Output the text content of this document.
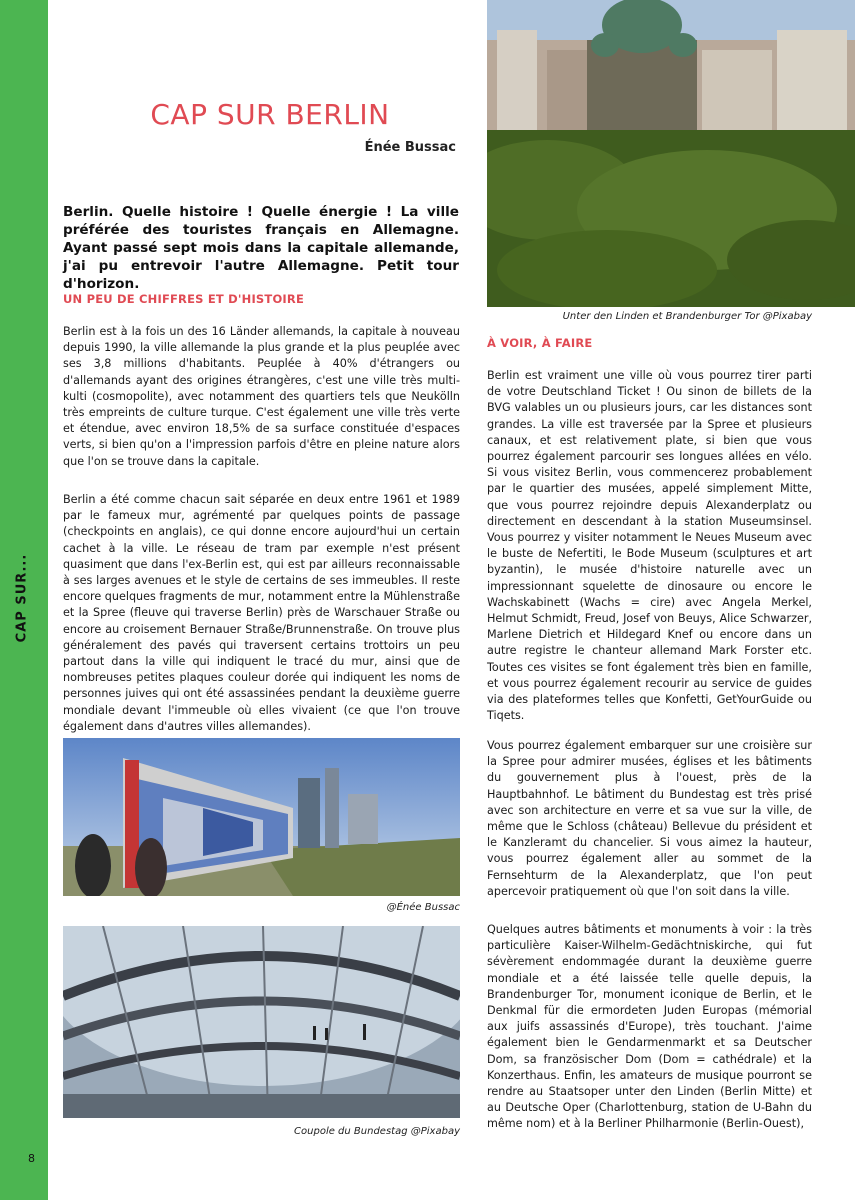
CAP SUR...
8
CAP SUR BERLIN
Énée Bussac

Berlin. Quelle histoire ! Quelle énergie ! La ville préférée des touristes français en Allemagne. Ayant passé sept mois dans la capitale allemande, j'ai pu entrevoir l'autre Allemagne. Petit tour d'horizon.

UN PEU DE CHIFFRES ET D'HISTOIRE

Berlin est à la fois un des 16 Länder allemands, la capitale à nouveau depuis 1990, la ville allemande la plus grande et la plus peuplée avec ses 3,8 millions d'habitants. Peuplée à 40% d'étrangers ou d'allemands ayant des origines étrangères, c'est une ville très multi-kulti (cosmopolite), avec notamment des quartiers tels que Neukölln très empreints de culture turque. C'est également une ville très verte et étendue, avec environ 18,5% de sa surface constituée d'espaces verts, si bien qu'on a l'impression parfois d'être en pleine nature alors que l'on se trouve dans la capitale.

Berlin a été comme chacun sait séparée en deux entre 1961 et 1989 par le fameux mur, agrémenté par quelques points de passage (checkpoints en anglais), ce qui donne encore aujourd'hui un certain cachet à la ville. Le réseau de tram par exemple n'est présent quasiment que dans l'ex-Berlin est, qui est par ailleurs reconnaissable à ses larges avenues et le style de certains de ses immeubles. Il reste encore quelques fragments de mur, notamment entre la Mühlenstraße et la Spree (fleuve qui traverse Berlin) près de Warschauer Straße ou encore au croisement Bernauer Straße/Brunnenstraße. On trouve plus généralement des pavés qui traversent certains trottoirs un peu partout dans la ville qui indiquent le tracé du mur, ainsi que de nombreuses petites plaques couleur dorée qui indiquent les noms de personnes juives qui ont été assassinées pendant la deuxième guerre mondiale devant l'immeuble où elles vivaient (ce que l'on trouve également dans d'autres villes allemandes).

@Énée Bussac

Coupole du Bundestag @Pixabay

Unter den Linden et Brandenburger Tor @Pixabay

À VOIR, À FAIRE

Berlin est vraiment une ville où vous pourrez tirer parti de votre Deutschland Ticket ! Ou sinon de billets de la BVG valables un ou plusieurs jours, car les distances sont grandes. La ville est traversée par la Spree et plusieurs canaux, et est relativement plate, si bien que vous pourrez également parcourir ses longues allées en vélo. Si vous visitez Berlin, vous commencerez probablement par le quartier des musées, appelé simplement Mitte, que vous pourrez rejoindre depuis Alexanderplatz ou directement en descendant à la station Museumsinsel. Vous pourrez y visiter notamment le Neues Museum avec le buste de Nefertiti, le Bode Museum (sculptures et art byzantin), le musée d'histoire naturelle avec un impressionnant squelette de dinosaure ou encore le Wachskabinett (Wachs = cire) avec Angela Merkel, Helmut Schmidt, Freud, Josef von Beuys, Alice Schwarzer, Marlene Dietrich et Hildegard Knef ou encore dans un autre registre le chanteur allemand Mark Forster etc. Toutes ces visites se font également très bien en famille, et vous pourrez également recourir au service de guides via des plateformes telles que Konfetti, GetYourGuide ou Tiqets.

Vous pourrez également embarquer sur une croisière sur la Spree pour admirer musées, églises et les bâtiments du gouvernement plus à l'ouest, près de la Hauptbahnhof. Le bâtiment du Bundestag est très prisé avec son architecture en verre et sa vue sur la ville, de même que le Schloss (château) Bellevue du président et le Kanzleramt du chancelier. Si vous aimez la hauteur, vous pourrez également aller au sommet de la Fernsehturm de la Alexanderplatz, que l'on peut apercevoir pratiquement où que l'on soit dans la ville.

Quelques autres bâtiments et monuments à voir : la très particulière Kaiser-Wilhelm-Gedächtniskirche, qui fut sévèrement endommagée durant la deuxième guerre mondiale et a été laissée telle quelle depuis, la Brandenburger Tor, monument iconique de Berlin, et le Denkmal für die ermordeten Juden Europas (mémorial aux juifs assassinés d'Europe), très touchant. J'aime également bien le Gendarmenmarkt et sa Deutscher Dom, sa französischer Dom (Dom = cathédrale) et la Konzerthaus. Enfin, les amateurs de musique pourront se rendre au Staatsoper unter den Linden (Berlin Mitte) et au Deutsche Oper (Charlottenburg, station de U-Bahn du même nom) et à la Berliner Philharmonie (Berlin-Ouest),
